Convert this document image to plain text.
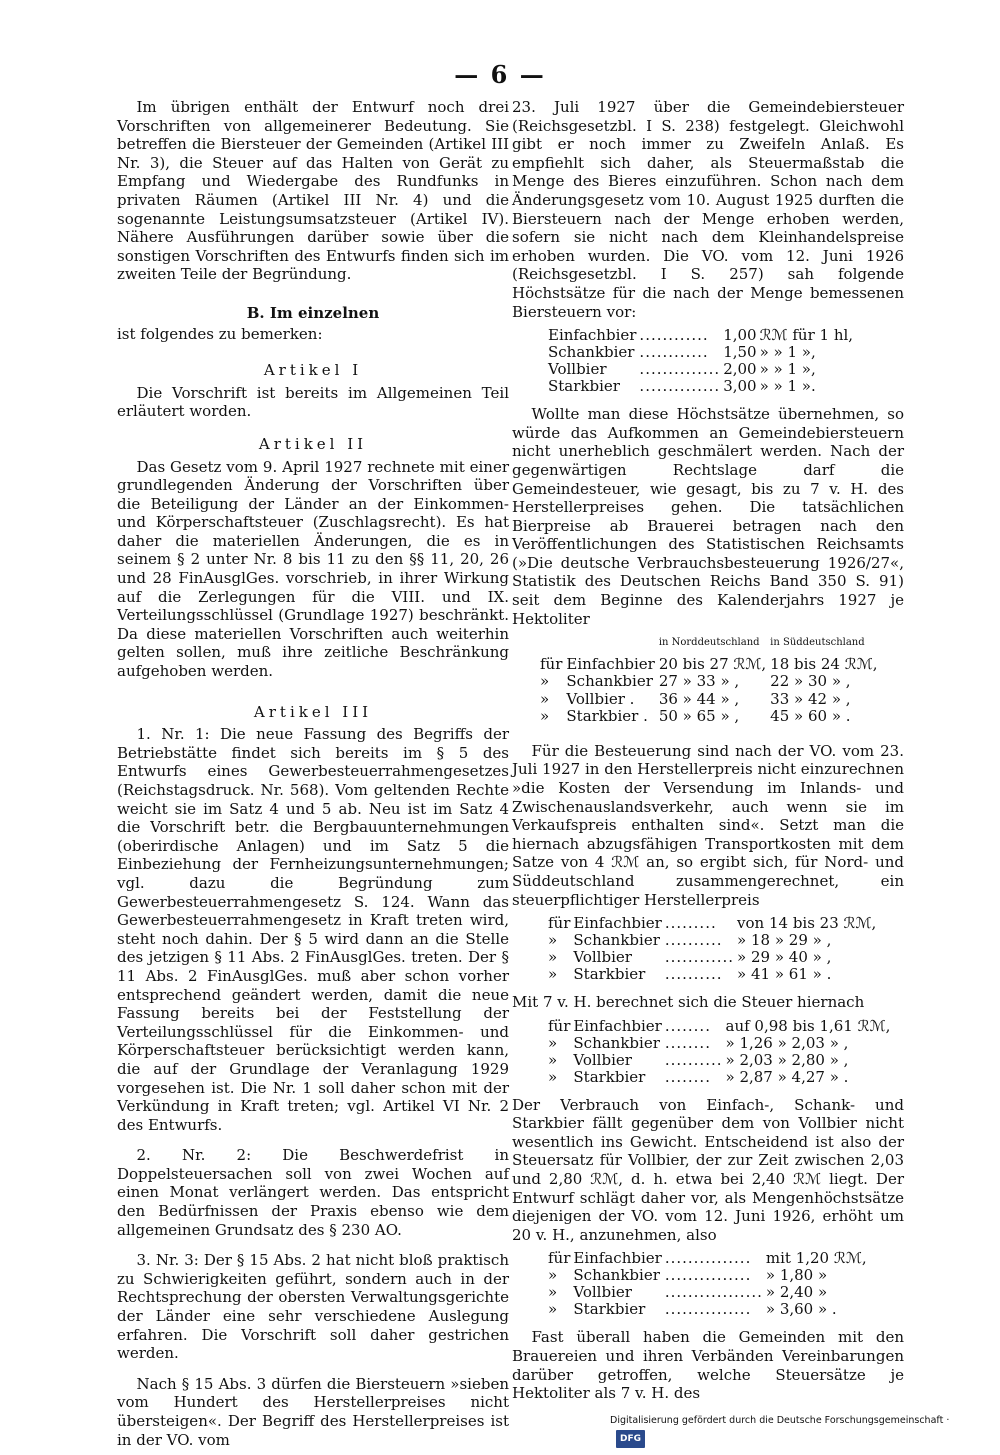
— 6 —

Im übrigen enthält der Entwurf noch drei Vorschriften von allgemeinerer Bedeutung. Sie betreffen die Biersteuer der Gemeinden (Artikel III Nr. 3), die Steuer auf das Halten von Gerät zu Empfang und Wiedergabe des Rundfunks in privaten Räumen (Artikel III Nr. 4) und die sogenannte Leistungsumsatzsteuer (Artikel IV). Nähere Ausführungen darüber sowie über die sonstigen Vorschriften des Entwurfs finden sich im zweiten Teile der Begründung.

B. Im einzelnen

ist folgendes zu bemerken:

Artikel I

Die Vorschrift ist bereits im Allgemeinen Teil erläutert worden.

Artikel II

Das Gesetz vom 9. April 1927 rechnete mit einer grundlegenden Änderung der Vorschriften über die Beteiligung der Länder an der Einkommen- und Körperschaftsteuer (Zuschlagsrecht). Es hat daher die materiellen Änderungen, die es in seinem § 2 unter Nr. 8 bis 11 zu den §§ 11, 20, 26 und 28 FinAusglGes. vorschrieb, in ihrer Wirkung auf die Zerlegungen für die VIII. und IX. Verteilungsschlüssel (Grundlage 1927) beschränkt. Da diese materiellen Vorschriften auch weiterhin gelten sollen, muß ihre zeitliche Beschränkung aufgehoben werden.

Artikel III

1. Nr. 1: Die neue Fassung des Begriffs der Betriebstätte findet sich bereits im § 5 des Entwurfs eines Gewerbesteuerrahmengesetzes (Reichstagsdruck. Nr. 568). Vom geltenden Rechte weicht sie im Satz 4 und 5 ab. Neu ist im Satz 4 die Vorschrift betr. die Bergbauunternehmungen (oberirdische Anlagen) und im Satz 5 die Einbeziehung der Fernheizungsunternehmungen; vgl. dazu die Begründung zum Gewerbesteuerrahmengesetz S. 124. Wann das Gewerbesteuerrahmengesetz in Kraft treten wird, steht noch dahin. Der § 5 wird dann an die Stelle des jetzigen § 11 Abs. 2 FinAusglGes. treten. Der § 11 Abs. 2 FinAusglGes. muß aber schon vorher entsprechend geändert werden, damit die neue Fassung bereits bei der Feststellung der Verteilungsschlüssel für die Einkommen- und Körperschaftsteuer berücksichtigt werden kann, die auf der Grundlage der Veranlagung 1929 vorgesehen ist. Die Nr. 1 soll daher schon mit der Verkündung in Kraft treten; vgl. Artikel VI Nr. 2 des Entwurfs.

2. Nr. 2: Die Beschwerdefrist in Doppelsteuersachen soll von zwei Wochen auf einen Monat verlängert werden. Das entspricht den Bedürfnissen der Praxis ebenso wie dem allgemeinen Grundsatz des § 230 AO.

3. Nr. 3: Der § 15 Abs. 2 hat nicht bloß praktisch zu Schwierigkeiten geführt, sondern auch in der Rechtsprechung der obersten Verwaltungsgerichte der Länder eine sehr verschiedene Auslegung erfahren. Die Vorschrift soll daher gestrichen werden.

Nach § 15 Abs. 3 dürfen die Biersteuern »sieben vom Hundert des Herstellerpreises nicht übersteigen«. Der Begriff des Herstellerpreises ist in der VO. vom

23. Juli 1927 über die Gemeindebiersteuer (Reichsgesetzbl. I S. 238) festgelegt. Gleichwohl gibt er noch immer zu Zweifeln Anlaß. Es empfiehlt sich daher, als Steuermaßstab die Menge des Bieres einzuführen. Schon nach dem Änderungsgesetz vom 10. August 1925 durften die Biersteuern nach der Menge erhoben werden, sofern sie nicht nach dem Kleinhandelspreise erhoben wurden. Die VO. vom 12. Juni 1926 (Reichsgesetzbl. I S. 257) sah folgende Höchstsätze für die nach der Menge bemessenen Biersteuern vor:

Einfachbier	............	1,00	ℛℳ für 1 hl,
Schankbier	............	1,50	» » 1 »,
Vollbier	..............	2,00	» » 1 »,
Starkbier	..............	3,00	» » 1 ».

Wollte man diese Höchstsätze übernehmen, so würde das Aufkommen an Gemeindebiersteuern nicht unerheblich geschmälert werden. Nach der gegenwärtigen Rechtslage darf die Gemeindesteuer, wie gesagt, bis zu 7 v. H. des Herstellerpreises gehen. Die tatsächlichen Bierpreise ab Brauerei betragen nach den Veröffentlichungen des Statistischen Reichsamts (»Die deutsche Verbrauchsbesteuerung 1926/27«, Statistik des Deutschen Reichs Band 350 S. 91) seit dem Beginne des Kalenderjahrs 1927 je Hektoliter

		in Norddeutschland	in Süddeutschland
für	Einfachbier	20 bis 27 ℛℳ,	18 bis 24 ℛℳ,
»	Schankbier	27 » 33 » ,	22 » 30 » ,
»	Vollbier .	36 » 44 » ,	33 » 42 » ,
»	Starkbier .	50 » 65 » ,	45 » 60 » .

Für die Besteuerung sind nach der VO. vom 23. Juli 1927 in den Herstellerpreis nicht einzurechnen »die Kosten der Versendung im Inlands- und Zwischenauslandsverkehr, auch wenn sie im Verkaufspreis enthalten sind«. Setzt man die hiernach abzugsfähigen Transportkosten mit dem Satze von 4 ℛℳ an, so ergibt sich, für Nord- und Süddeutschland zusammengerechnet, ein steuerpflichtiger Herstellerpreis

für	Einfachbier	.........	von 14 bis 23 ℛℳ,
»	Schankbier	..........	» 18 » 29 » ,
»	Vollbier	............	» 29 » 40 » ,
»	Starkbier	..........	» 41 » 61 » .

Mit 7 v. H. berechnet sich die Steuer hiernach

für	Einfachbier	........	auf 0,98 bis 1,61 ℛℳ,
»	Schankbier	........	» 1,26 » 2,03 » ,
»	Vollbier	..........	» 2,03 » 2,80 » ,
»	Starkbier	........	» 2,87 » 4,27 » .

Der Verbrauch von Einfach-, Schank- und Starkbier fällt gegenüber dem von Vollbier nicht wesentlich ins Gewicht. Entscheidend ist also der Steuersatz für Vollbier, der zur Zeit zwischen 2,03 und 2,80 ℛℳ, d. h. etwa bei 2,40 ℛℳ liegt. Der Entwurf schlägt daher vor, als Mengenhöchstsätze diejenigen der VO. vom 12. Juni 1926, erhöht um 20 v. H., anzunehmen, also

für	Einfachbier	...............	mit 1,20 ℛℳ,
»	Schankbier	...............	» 1,80 »
»	Vollbier	.................	» 2,40 »
»	Starkbier	...............	» 3,60 » .

Fast überall haben die Gemeinden mit den Brauereien und ihren Verbänden Vereinbarungen darüber getroffen, welche Steuersätze je Hektoliter als 7 v. H. des

Digitalisierung gefördert durch die Deutsche Forschungsgemeinschaft ·DFG
